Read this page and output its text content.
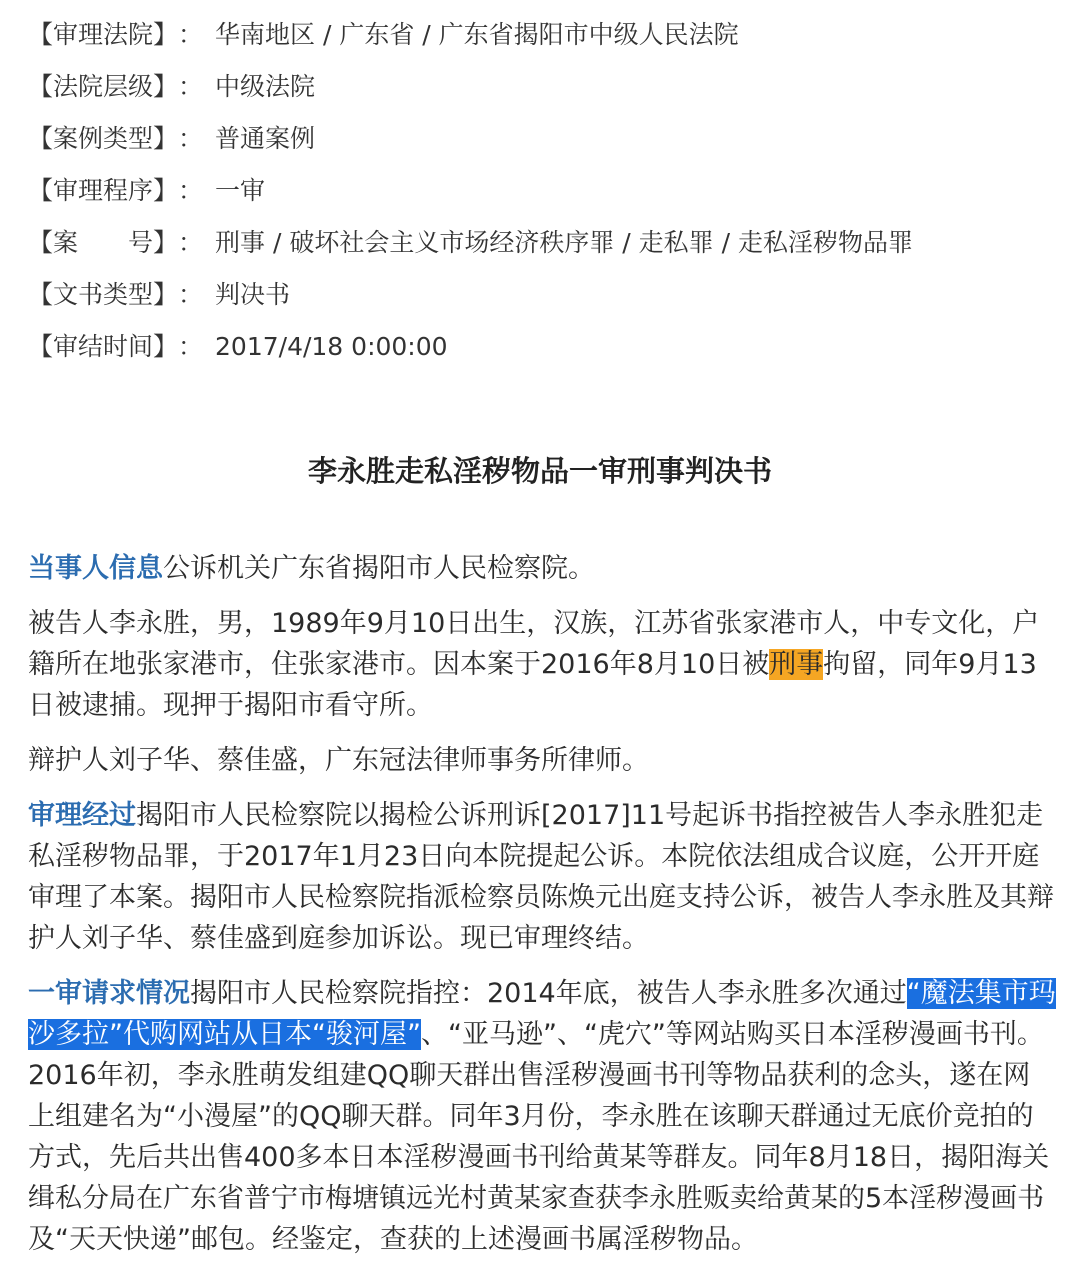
【审理法院】： 华南地区 / 广东省 / 广东省揭阳市中级人民法院
【法院层级】： 中级法院
【案例类型】： 普通案例
【审理程序】： 一审
【案　　号】： 刑事 / 破坏社会主义市场经济秩序罪 / 走私罪 / 走私淫秽物品罪
【文书类型】： 判决书
【审结时间】： 2017/4/18 0:00:00
李永胜走私淫秽物品一审刑事判决书

当事人信息公诉机关广东省揭阳市人民检察院。

被告人李永胜，男，1989年9月10日出生，汉族，江苏省张家港市人，中专文化，户籍所在地张家港市，住张家港市。因本案于2016年8月10日被刑事拘留，同年9月13日被逮捕。现押于揭阳市看守所。

辩护人刘子华、蔡佳盛，广东冠法律师事务所律师。

审理经过揭阳市人民检察院以揭检公诉刑诉[2017]11号起诉书指控被告人李永胜犯走私淫秽物品罪，于2017年1月23日向本院提起公诉。本院依法组成合议庭，公开开庭审理了本案。揭阳市人民检察院指派检察员陈焕元出庭支持公诉，被告人李永胜及其辩护人刘子华、蔡佳盛到庭参加诉讼。现已审理终结。

一审请求情况揭阳市人民检察院指控：2014年底，被告人李永胜多次通过“魔法集市玛沙多拉”代购网站从日本“骏河屋”、“亚马逊”、“虎穴”等网站购买日本淫秽漫画书刊。2016年初，李永胜萌发组建QQ聊天群出售淫秽漫画书刊等物品获利的念头，遂在网上组建名为“小漫屋”的QQ聊天群。同年3月份，李永胜在该聊天群通过无底价竞拍的方式，先后共出售400多本日本淫秽漫画书刊给黄某等群友。同年8月18日，揭阳海关缉私分局在广东省普宁市梅塘镇远光村黄某家查获李永胜贩卖给黄某的5本淫秽漫画书及“天天快递”邮包。经鉴定，查获的上述漫画书属淫秽物品。
